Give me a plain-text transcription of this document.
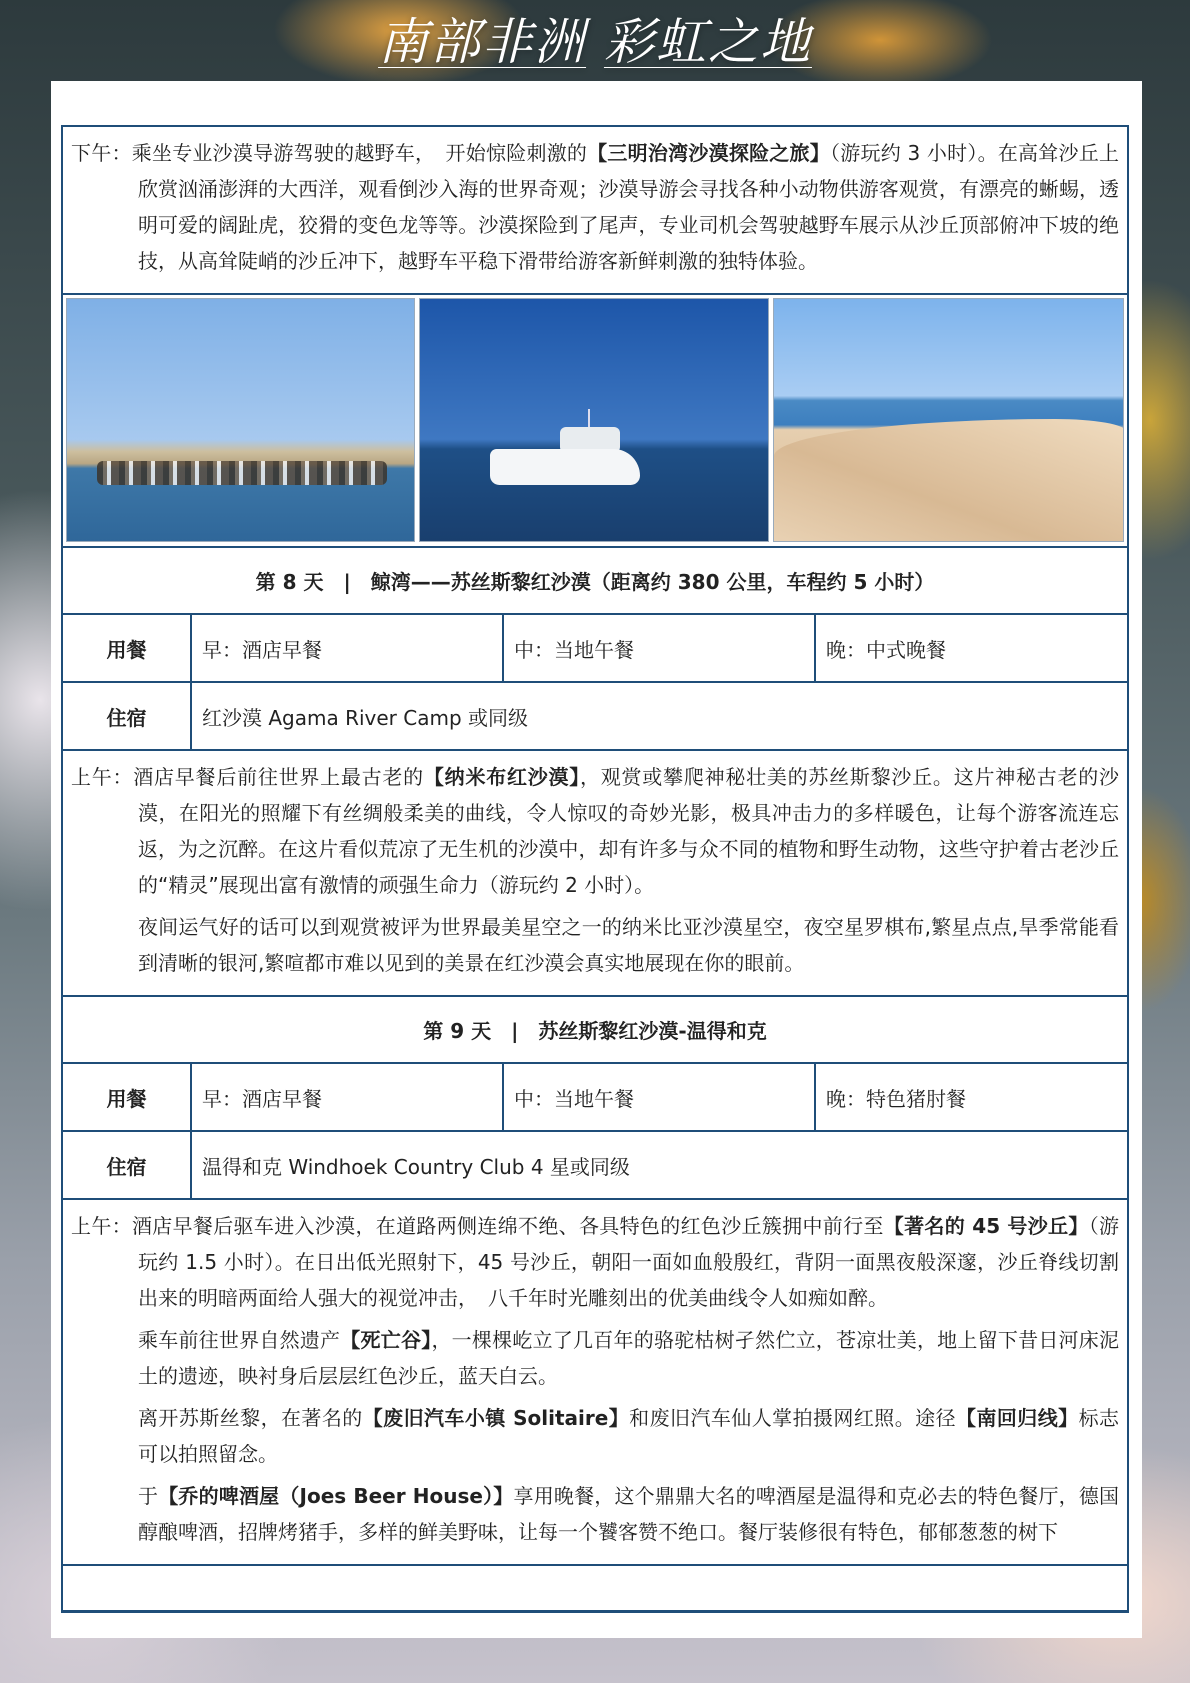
南部非洲 彩虹之地

下午：乘坐专业沙漠导游驾驶的越野车，　开始惊险刺激的【三明治湾沙漠探险之旅】（游玩约 3 小时）。在高耸沙丘上欣赏汹涌澎湃的大西洋，观看倒沙入海的世界奇观；沙漠导游会寻找各种小动物供游客观赏，有漂亮的蜥蜴，透明可爱的阔趾虎，狡猾的变色龙等等。沙漠探险到了尾声，专业司机会驾驶越野车展示从沙丘顶部俯冲下坡的绝技，从高耸陡峭的沙丘冲下，越野车平稳下滑带给游客新鲜刺激的独特体验。			

第 8 天　|　鲸湾——苏丝斯黎红沙漠（距离约 380 公里，车程约 5 小时）			
用餐	早：酒店早餐	中：当地午餐	晚：中式晚餐
住宿	红沙漠 Agama River Camp 或同级		

上午：酒店早餐后前往世界上最古老的【纳米布红沙漠】，观赏或攀爬神秘壮美的苏丝斯黎沙丘。这片神秘古老的沙漠，在阳光的照耀下有丝绸般柔美的曲线，令人惊叹的奇妙光影，极具冲击力的多样暖色，让每个游客流连忘返，为之沉醉。在这片看似荒凉了无生机的沙漠中，却有许多与众不同的植物和野生动物，这些守护着古老沙丘的“精灵”展现出富有激情的顽强生命力（游玩约 2 小时）。

夜间运气好的话可以到观赏被评为世界最美星空之一的纳米比亚沙漠星空，夜空星罗棋布,繁星点点,旱季常能看到清晰的银河,繁喧都市难以见到的美景在红沙漠会真实地展现在你的眼前。			

第 9 天　|　苏丝斯黎红沙漠-温得和克			
用餐	早：酒店早餐	中：当地午餐	晚：特色猪肘餐
住宿	温得和克 Windhoek Country Club 4 星或同级		

上午：酒店早餐后驱车进入沙漠，在道路两侧连绵不绝、各具特色的红色沙丘簇拥中前行至【著名的 45 号沙丘】（游玩约 1.5 小时）。在日出低光照射下，45 号沙丘，朝阳一面如血般殷红，背阴一面黑夜般深邃，沙丘脊线切割出来的明暗两面给人强大的视觉冲击，　八千年时光雕刻出的优美曲线令人如痴如醉。

乘车前往世界自然遗产【死亡谷】，一棵棵屹立了几百年的骆驼枯树孑然伫立，苍凉壮美，地上留下昔日河床泥土的遗迹，映衬身后层层红色沙丘，蓝天白云。

离开苏斯丝黎，在著名的【废旧汽车小镇 Solitaire】和废旧汽车仙人掌拍摄网红照。途径【南回归线】标志可以拍照留念。

于【乔的啤酒屋（Joes Beer House）】享用晚餐，这个鼎鼎大名的啤酒屋是温得和克必去的特色餐厅，德国醇酿啤酒，招牌烤猪手，多样的鲜美野味，让每一个饕客赞不绝口。餐厅装修很有特色，郁郁葱葱的树下			
